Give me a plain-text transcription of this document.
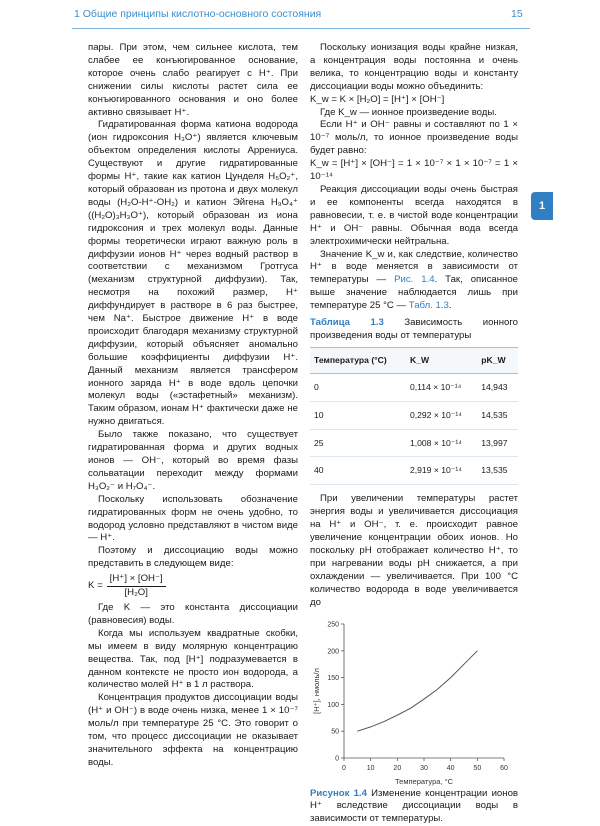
1 Общие принципы кислотно-основного состояния	15
1

пары. При этом, чем сильнее кислота, тем слабее ее конъюгированное основание, которое очень слабо реагирует с H⁺. При снижении силы кислоты растет сила ее конъюгированного основания и оно более активно связывает H⁺.

Гидратированная форма катиона водорода (ион гидроксония H₃O⁺) является ключевым объектом определения кислоты Аррениуса. Существуют и другие гидратированные формы H⁺, такие как катион Цунделя H₅O₂⁺, который образован из протона и двух молекул воды (H₂O-H⁺-OH₂) и катион Эйгена H₉O₄⁺ ((H₂O)₃H₃O⁺), который образован из иона гидроксония и трех молекул воды. Данные формы теоретически играют важную роль в диффузии ионов H⁺ через водный раствор в соответствии с механизмом Гротгуса (механизм структурной диффузии). Так, несмотря на похожий размер, H⁺ диффундирует в растворе в 6 раз быстрее, чем Na⁺. Быстрое движение H⁺ в воде происходит благодаря механизму структурной диффузии, который объясняет аномально большие коэффициенты диффузии H⁺. Данный механизм является трансфером ионного заряда H⁺ в воде вдоль цепочки молекул воды («эстафетный» механизм). Таким образом, ионам H⁺ фактически даже не нужно двигаться.

Было также показано, что существует гидратированная форма и других водных ионов — OH⁻, который во время фазы сольватации переходит между формами H₃O₂⁻ и H₇O₄⁻.

Поскольку использовать обозначение гидратированных форм не очень удобно, то водород условно представляют в чистом виде — H⁺.

Поэтому и диссоциацию воды можно представить в следующем виде:

$K = \frac{[H^+] \times [OH^-]}{\text{[H₂O]}}$

Где K — это константа диссоциации (равновесия) воды.

Когда мы используем квадратные скобки, мы имеем в виду молярную концентрацию вещества. Так, под [H⁺] подразумевается в данном контексте не просто ион водорода, а количество молей H⁺ в 1 л раствора.

Концентрация продуктов диссоциации воды (H⁺ и OH⁻) в воде очень низка, менее 1 × 10⁻⁷ моль/л при температуре 25 °С. Это говорит о том, что процесс диссоциации не оказывает значительного эффекта на концентрацию воды.

Поскольку ионизация воды крайне низкая, а концентрация воды постоянна и очень велика, то концентрацию воды и константу диссоциации воды можно объединить:

K_w = K × [H₂O] = [H⁺] × [OH⁻]

Где K_w — ионное произведение воды.

Если H⁺ и OH⁻ равны и составляют по 1 × 10⁻⁷ моль/л, то ионное произведение воды будет равно:

K_w = [H⁺] × [OH⁻] = 1 × 10⁻⁷ × 1 × 10⁻⁷ = 1 × 10⁻¹⁴

Реакция диссоциации воды очень быстрая и ее компоненты всегда находятся в равновесии, т. е. в чистой воде концентрации H⁺ и OH⁻ равны. Обычная вода всегда электрохимически нейтральна.

Значение K_w и, как следствие, количество H⁺ в воде меняется в зависимости от температуры — Рис. 1.4. Так, описанное выше значение наблюдается лишь при температуре 25 °С — Табл. 1.3.

Таблица 1.3 Зависимость ионного произведения воды от температуры
Температура (°С)	K_W	pK_W
0	0,114 × 10⁻¹⁴	14,943
10	0,292 × 10⁻¹⁴	14,535
25	1,008 × 10⁻¹⁴	13,997
40	2,919 × 10⁻¹⁴	13,535

При увеличении температуры растет энергия воды и увеличивается диссоциация на H⁺ и OH⁻, т. е. происходит равное увеличение концентрации обоих ионов. Но поскольку pH отображает количество H⁺, то при нагревании воды pH снижается, а при охлаждении — увеличивается. При 100 °С количество водорода в воде увеличивается до

0	10	20	30	40	50	60
0
50
100
150
200
250
Температура, °С
[H⁺], нмоль/л
Рисунок 1.4 Изменение концентрации ионов H⁺ вследствие диссоциации воды в зависимости от температуры.
